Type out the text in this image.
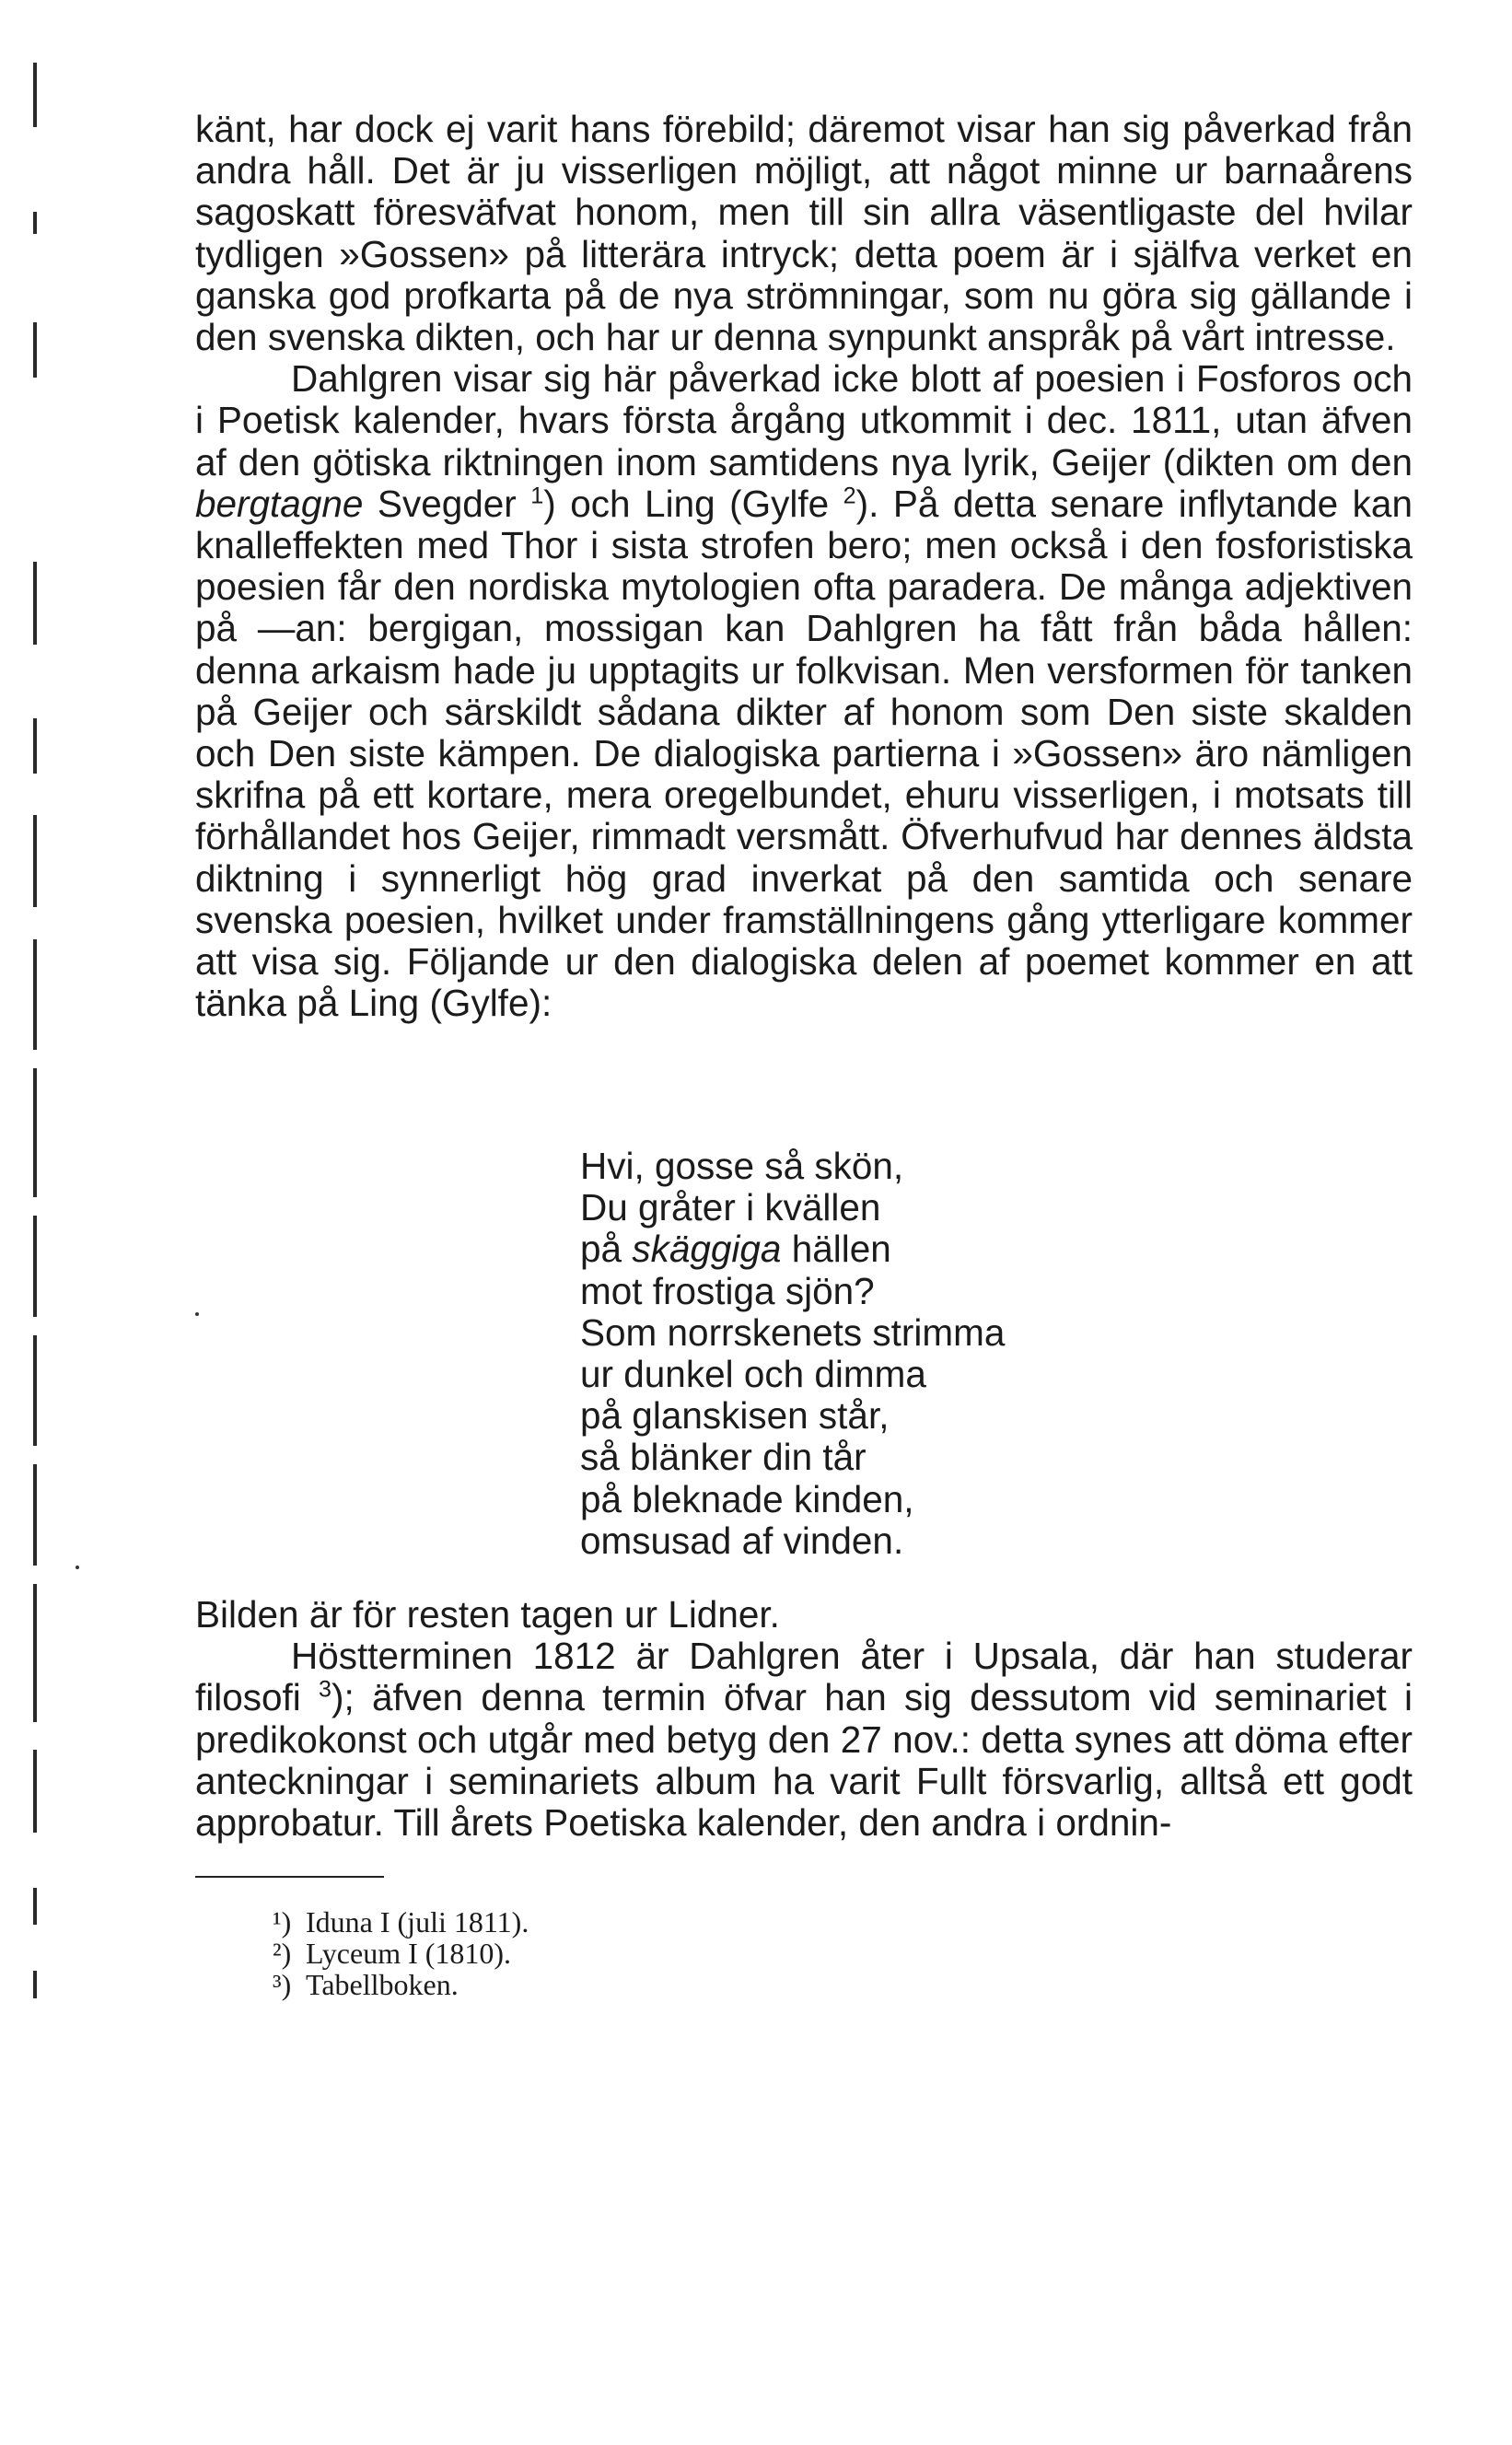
känt, har dock ej varit hans förebild; däremot visar han sig påverkad från andra håll. Det är ju visserligen möjligt, att något minne ur barnaårens sagoskatt föresväfvat honom, men till sin allra väsentligaste del hvilar tydligen »Gossen» på litterära intryck; detta poem är i själfva verket en ganska god profkarta på de nya strömningar, som nu göra sig gällande i den svenska dikten, och har ur denna synpunkt anspråk på vårt intresse.

Dahlgren visar sig här påverkad icke blott af poesien i Fosforos och i Poetisk kalender, hvars första årgång utkommit i dec. 1811, utan äfven af den götiska riktningen inom samtidens nya lyrik, Geijer (dikten om den bergtagne Svegder $^1$) och Ling (Gylfe $^2$). På detta senare inflytande kan knalleffekten med Thor i sista strofen bero; men också i den fosforistiska poesien får den nordiska mytologien ofta paradera. De många adjektiven på —an: bergigan, mossigan kan Dahlgren ha fått från båda hållen: denna arkaism hade ju upptagits ur folkvisan. Men versformen för tanken på Geijer och särskildt sådana dikter af honom som Den siste skalden och Den siste kämpen. De dialogiska partierna i »Gossen» äro nämligen skrifna på ett kortare, mera oregelbundet, ehuru visserligen, i motsats till förhållandet hos Geijer, rimmadt versmått. Öfverhufvud har dennes äldsta diktning i synnerligt hög grad inverkat på den samtida och senare svenska poesien, hvilket under framställningens gång ytterligare kommer att visa sig. Följande ur den dialogiska delen af poemet kommer en att tänka på Ling (Gylfe):

Hvi, gosse så skön,
Du gråter i kvällen
på skäggiga hällen
mot frostiga sjön?
Som norrskenets strimma
ur dunkel och dimma
på glanskisen står,
så blänker din tår
på bleknade kinden,
omsusad af vinden.

Bilden är för resten tagen ur Lidner.

Höstterminen 1812 är Dahlgren åter i Upsala, där han studerar filosofi $^3$); äfven denna termin öfvar han sig dessutom vid seminariet i predikokonst och utgår med betyg den 27 nov.: detta synes att döma efter anteckningar i seminariets album ha varit Fullt försvarlig, alltså ett godt approbatur. Till årets Poetiska kalender, den andra i ordnin-

¹) Iduna I (juli 1811).
²) Lyceum I (1810).
³) Tabellboken.
